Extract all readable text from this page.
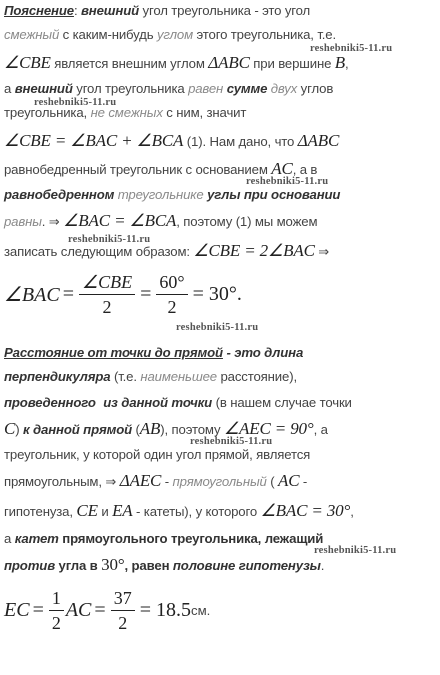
Пояснение: внешний угол треугольника - это угол
смежный с каким-нибудь углом этого треугольника, т.е.
∠CBE является внешним углом ΔABC при вершине B,
а внешний угол треугольника равен сумме двух углов
треугольника, не смежных с ним, значит
∠CBE = ∠BAC + ∠BCA (1). Нам дано, что ΔABC
равнобедренный треугольник с основанием AC, а в
равнобедренном треугольнике углы при основании
равны. ⇒ ∠BAC = ∠BCA, поэтому (1) мы можем
записать следующим образом: ∠CBE = 2∠BAC ⇒
∠BAC = $\frac{\text{∠CBE}}{2} = \frac{60^\circ}{2} = 30^\circ$.
Расстояние от точки до прямой - это длина
перпендикуляра (т.е. наименьшее расстояние),
проведенного из данной точки (в нашем случае точки
C) к данной прямой (AB), поэтому ∠AEC = 90°, а
треугольник, у которой один угол прямой, является
прямоугольным, ⇒ ΔAEC - прямоугольный ( AC -
гипотенуза, CE и EA - катеты), у которого ∠BAC = 30°,
а катет прямоугольного треугольника, лежащий
против угла в 30°, равен половине гипотенузы.
EC = $\frac{1}{2}$ AC = $\frac{37}{2} = 18.5$ см.
reshebniki5-11.ru
reshebniki5-11.ru
reshebniki5-11.ru
reshebniki5-11.ru
reshebniki5-11.ru
reshebniki5-11.ru
reshebniki5-11.ru
